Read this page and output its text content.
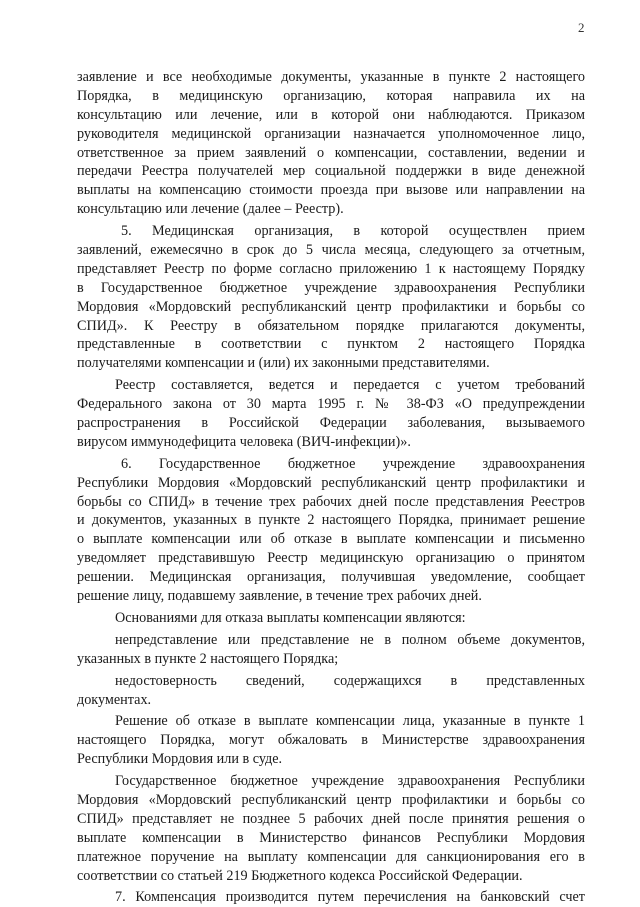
2
заявление и все необходимые документы, указанные в пункте 2 настоящего
Порядка, в медицинскую организацию, которая направила их на
консультацию или лечение, или в которой они наблюдаются. Приказом
руководителя медицинской организации назначается уполномоченное лицо,
ответственное за прием заявлений о компенсации, составлении, ведении и
передачи Реестра получателей мер социальной поддержки в виде денежной
выплаты на компенсацию стоимости проезда при вызове или направлении на
консультацию или лечение (далее – Реестр).
5. Медицинская организация, в которой осуществлен прием
заявлений, ежемесячно в срок до 5 числа месяца, следующего за отчетным,
представляет Реестр по форме согласно приложению 1 к настоящему Порядку
в Государственное бюджетное учреждение здравоохранения Республики
Мордовия «Мордовский республиканский центр профилактики и борьбы со
СПИД». К Реестру в обязательном порядке прилагаются документы,
представленные в соответствии с пунктом 2 настоящего Порядка
получателями компенсации и (или) их законными представителями.
Реестр составляется, ведется и передается с учетом требований
Федерального закона от 30 марта 1995 г. № 38-ФЗ «О предупреждении
распространения в Российской Федерации заболевания, вызываемого
вирусом иммунодефицита человека (ВИЧ-инфекции)».
6. Государственное бюджетное учреждение здравоохранения
Республики Мордовия «Мордовский республиканский центр профилактики и
борьбы со СПИД» в течение трех рабочих дней после представления Реестров
и документов, указанных в пункте 2 настоящего Порядка, принимает решение
о выплате компенсации или об отказе в выплате компенсации и письменно
уведомляет представившую Реестр медицинскую организацию о принятом
решении. Медицинская организация, получившая уведомление, сообщает
решение лицу, подавшему заявление, в течение трех рабочих дней.
Основаниями для отказа выплаты компенсации являются:
непредставление или представление не в полном объеме документов,
указанных в пункте 2 настоящего Порядка;
недостоверность сведений, содержащихся в представленных
документах.
Решение об отказе в выплате компенсации лица, указанные в пункте 1
настоящего Порядка, могут обжаловать в Министерстве здравоохранения
Республики Мордовия или в суде.
Государственное бюджетное учреждение здравоохранения Республики
Мордовия «Мордовский республиканский центр профилактики и борьбы со
СПИД» представляет не позднее 5 рабочих дней после принятия решения о
выплате компенсации в Министерство финансов Республики Мордовия
платежное поручение на выплату компенсации для санкционирования его в
соответствии со статьей 219 Бюджетного кодекса Российской Федерации.
7. Компенсация производится путем перечисления на банковский счет
